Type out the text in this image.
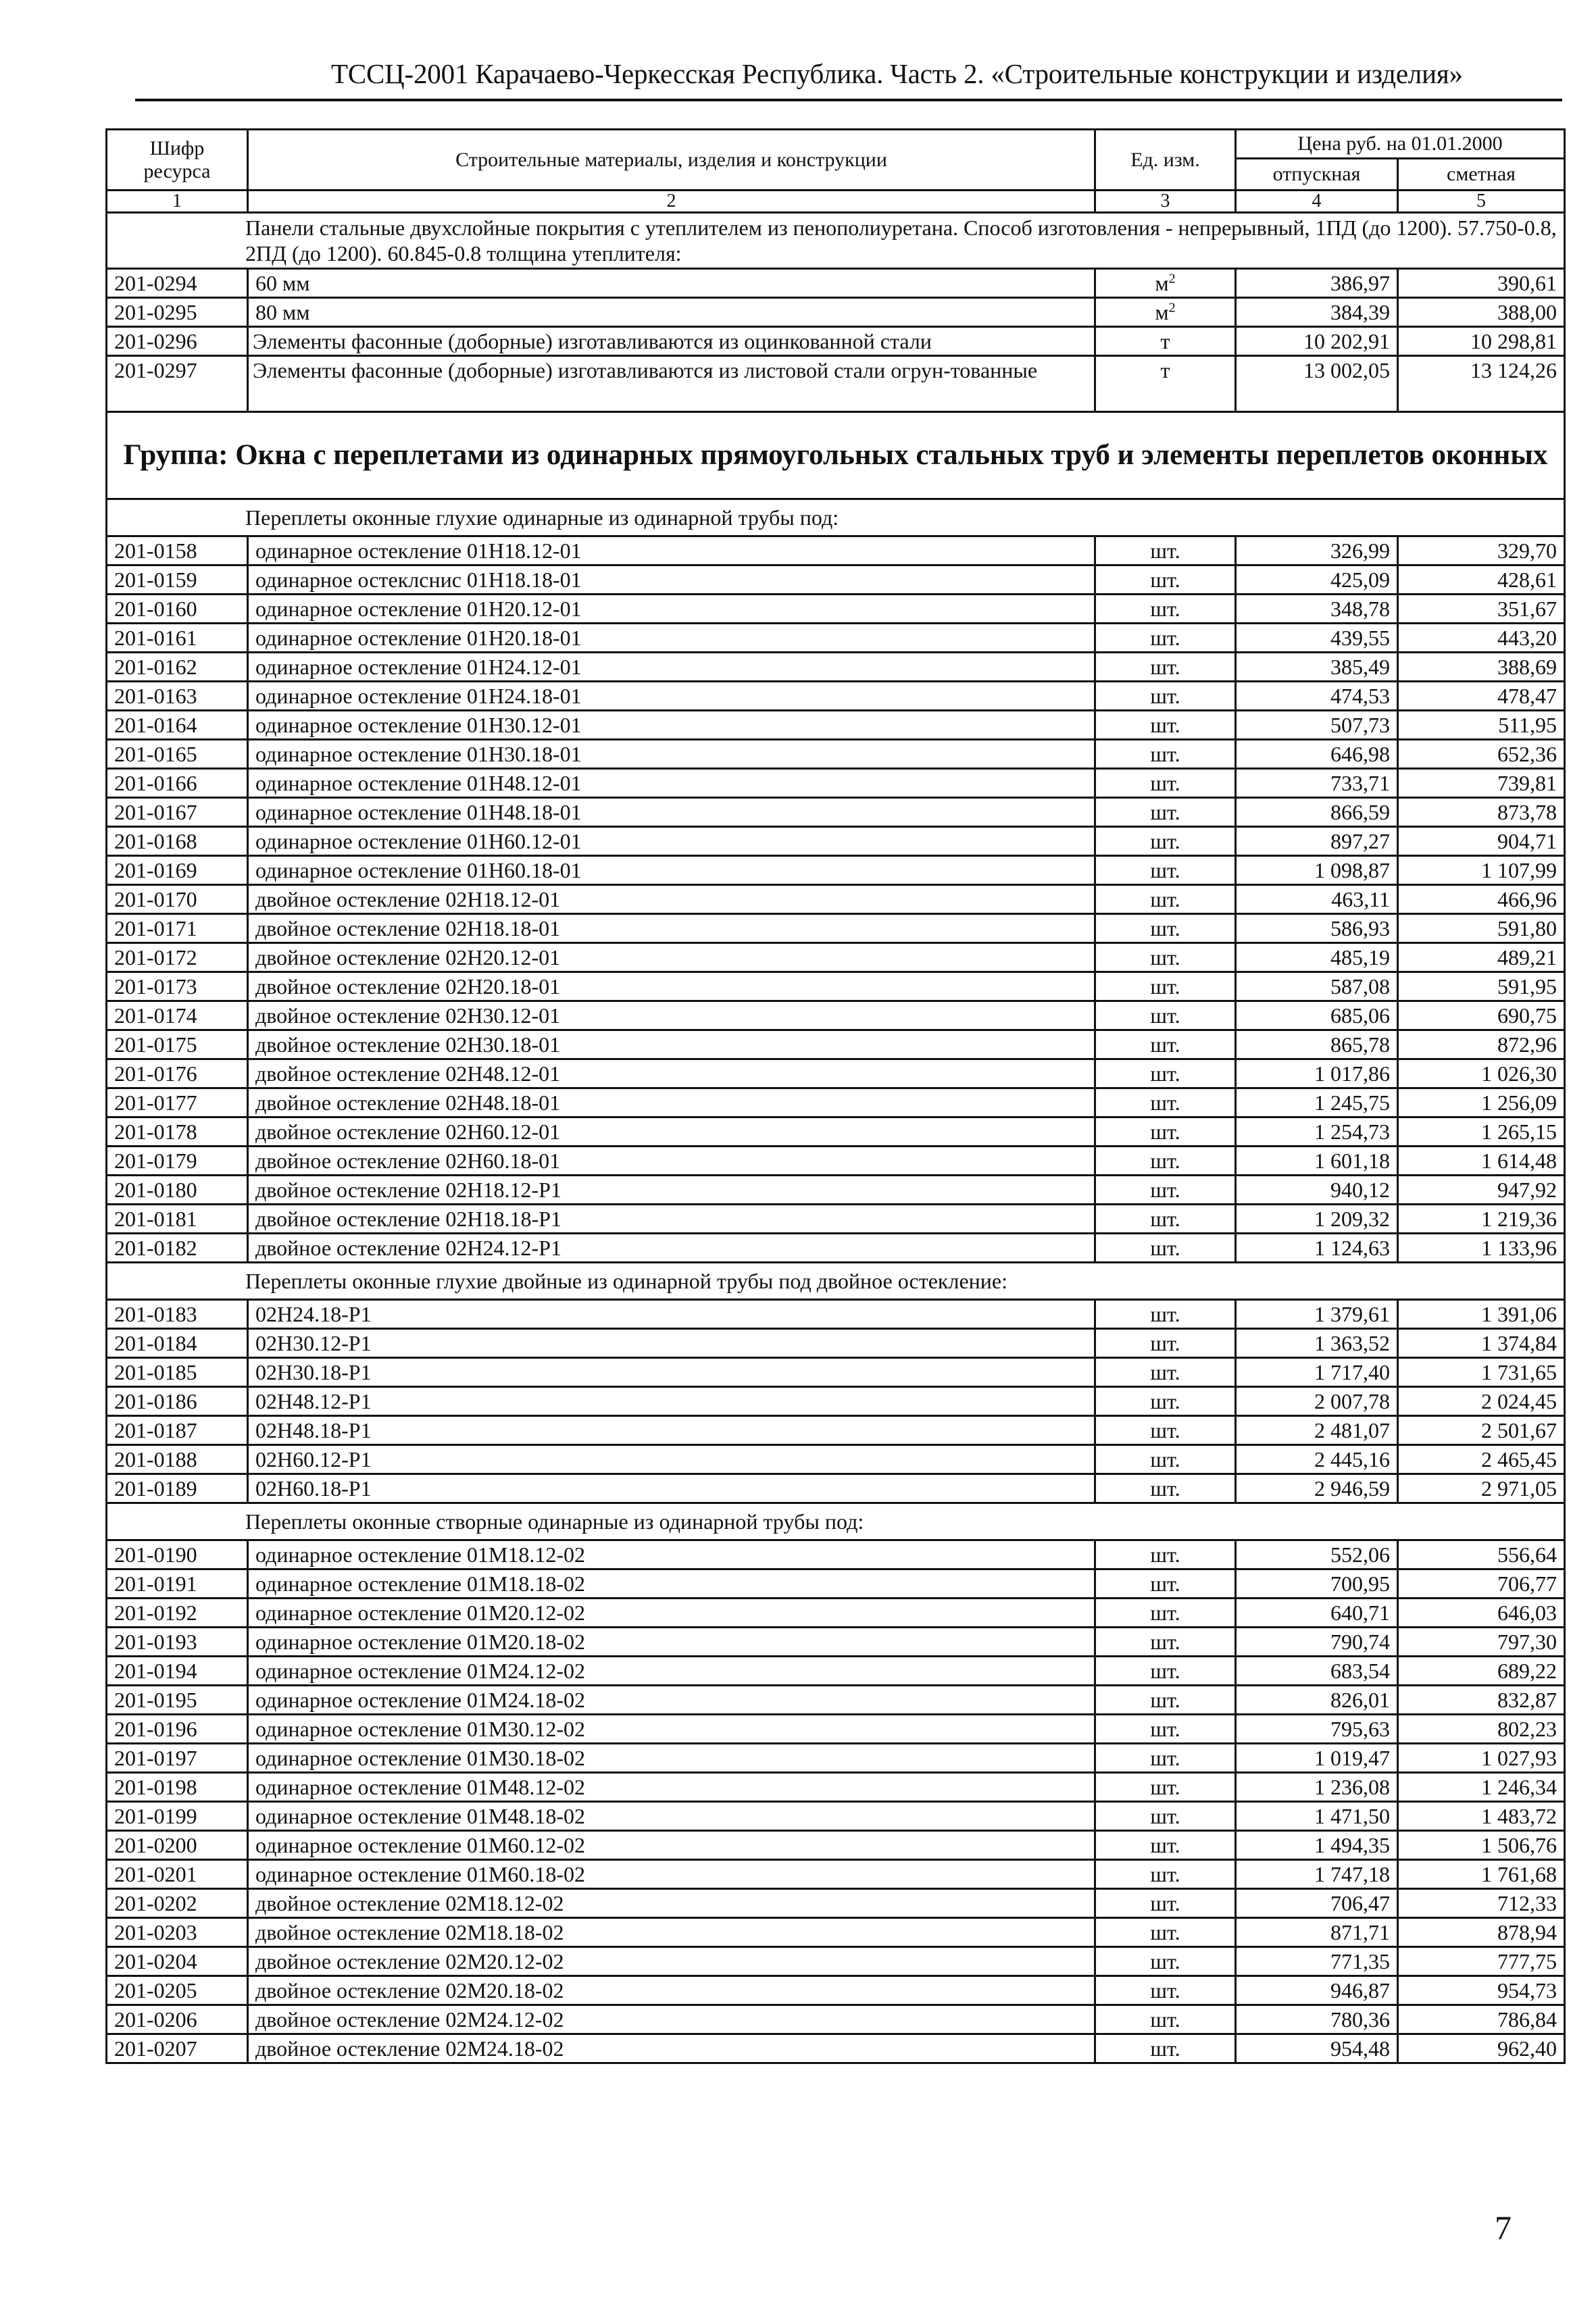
ТССЦ-2001 Карачаево-Черкесская Республика. Часть 2. «Строительные конструкции и изделия»
Шифр ресурса	Строительные материалы, изделия и конструкции	Ед. изм.	Цена руб. на 01.01.2000	
			отпускная	сметная
1	2	3	4	5
Панели стальные двухслойные покрытия с утеплителем из пенополиуретана. Способ изготовления - непрерывный, 1ПД (до 1200). 57.750-0.8, 2ПД (до 1200). 60.845-0.8 толщина утеплителя:				
201-0294	60 мм	$м^2$	386,97	390,61
201-0295	80 мм	$м^2$	384,39	388,00
201-0296	Элементы фасонные (доборные) изготавливаются из оцинкованной стали	т	10 202,91	10 298,81
201-0297	Элементы фасонные (доборные) изготавливаются из листовой стали огрун-тованные	т	13 002,05	13 124,26
Группа: Окна с переплетами из одинарных прямоугольных стальных труб и элементы переплетов оконных				
Переплеты оконные глухие одинарные из одинарной трубы под:				
201-0158	одинарное остекление 01Н18.12-01	шт.	326,99	329,70
201-0159	одинарное остеклснис 01Н18.18-01	шт.	425,09	428,61
201-0160	одинарное остекление 01Н20.12-01	шт.	348,78	351,67
201-0161	одинарное остекление 01Н20.18-01	шт.	439,55	443,20
201-0162	одинарное остекление 01Н24.12-01	шт.	385,49	388,69
201-0163	одинарное остекление 01Н24.18-01	шт.	474,53	478,47
201-0164	одинарное остекление 01Н30.12-01	шт.	507,73	511,95
201-0165	одинарное остекление 01Н30.18-01	шт.	646,98	652,36
201-0166	одинарное остекление 01Н48.12-01	шт.	733,71	739,81
201-0167	одинарное остекление 01Н48.18-01	шт.	866,59	873,78
201-0168	одинарное остекление 01Н60.12-01	шт.	897,27	904,71
201-0169	одинарное остекление 01Н60.18-01	шт.	1 098,87	1 107,99
201-0170	двойное остекление 02Н18.12-01	шт.	463,11	466,96
201-0171	двойное остекление 02Н18.18-01	шт.	586,93	591,80
201-0172	двойное остекление 02Н20.12-01	шт.	485,19	489,21
201-0173	двойное остекление 02Н20.18-01	шт.	587,08	591,95
201-0174	двойное остекление 02Н30.12-01	шт.	685,06	690,75
201-0175	двойное остекление 02Н30.18-01	шт.	865,78	872,96
201-0176	двойное остекление 02Н48.12-01	шт.	1 017,86	1 026,30
201-0177	двойное остекление 02Н48.18-01	шт.	1 245,75	1 256,09
201-0178	двойное остекление 02Н60.12-01	шт.	1 254,73	1 265,15
201-0179	двойное остекление 02Н60.18-01	шт.	1 601,18	1 614,48
201-0180	двойное остекление 02Н18.12-Р1	шт.	940,12	947,92
201-0181	двойное остекление 02Н18.18-Р1	шт.	1 209,32	1 219,36
201-0182	двойное остекление 02Н24.12-Р1	шт.	1 124,63	1 133,96
Переплеты оконные глухие двойные из одинарной трубы под двойное остекление:				
201-0183	02Н24.18-Р1	шт.	1 379,61	1 391,06
201-0184	02Н30.12-Р1	шт.	1 363,52	1 374,84
201-0185	02Н30.18-Р1	шт.	1 717,40	1 731,65
201-0186	02Н48.12-Р1	шт.	2 007,78	2 024,45
201-0187	02Н48.18-Р1	шт.	2 481,07	2 501,67
201-0188	02Н60.12-Р1	шт.	2 445,16	2 465,45
201-0189	02Н60.18-Р1	шт.	2 946,59	2 971,05
Переплеты оконные створные одинарные из одинарной трубы под:				
201-0190	одинарное остекление 01М18.12-02	шт.	552,06	556,64
201-0191	одинарное остекление 01М18.18-02	шт.	700,95	706,77
201-0192	одинарное остекление 01М20.12-02	шт.	640,71	646,03
201-0193	одинарное остекление 01М20.18-02	шт.	790,74	797,30
201-0194	одинарное остекление 01М24.12-02	шт.	683,54	689,22
201-0195	одинарное остекление 01М24.18-02	шт.	826,01	832,87
201-0196	одинарное остекление 01М30.12-02	шт.	795,63	802,23
201-0197	одинарное остекление 01М30.18-02	шт.	1 019,47	1 027,93
201-0198	одинарное остекление 01М48.12-02	шт.	1 236,08	1 246,34
201-0199	одинарное остекление 01М48.18-02	шт.	1 471,50	1 483,72
201-0200	одинарное остекление 01М60.12-02	шт.	1 494,35	1 506,76
201-0201	одинарное остекление 01М60.18-02	шт.	1 747,18	1 761,68
201-0202	двойное остекление 02М18.12-02	шт.	706,47	712,33
201-0203	двойное остекление 02М18.18-02	шт.	871,71	878,94
201-0204	двойное остекление 02М20.12-02	шт.	771,35	777,75
201-0205	двойное остекление 02М20.18-02	шт.	946,87	954,73
201-0206	двойное остекление 02М24.12-02	шт.	780,36	786,84
201-0207	двойное остекление 02М24.18-02	шт.	954,48	962,40
7
